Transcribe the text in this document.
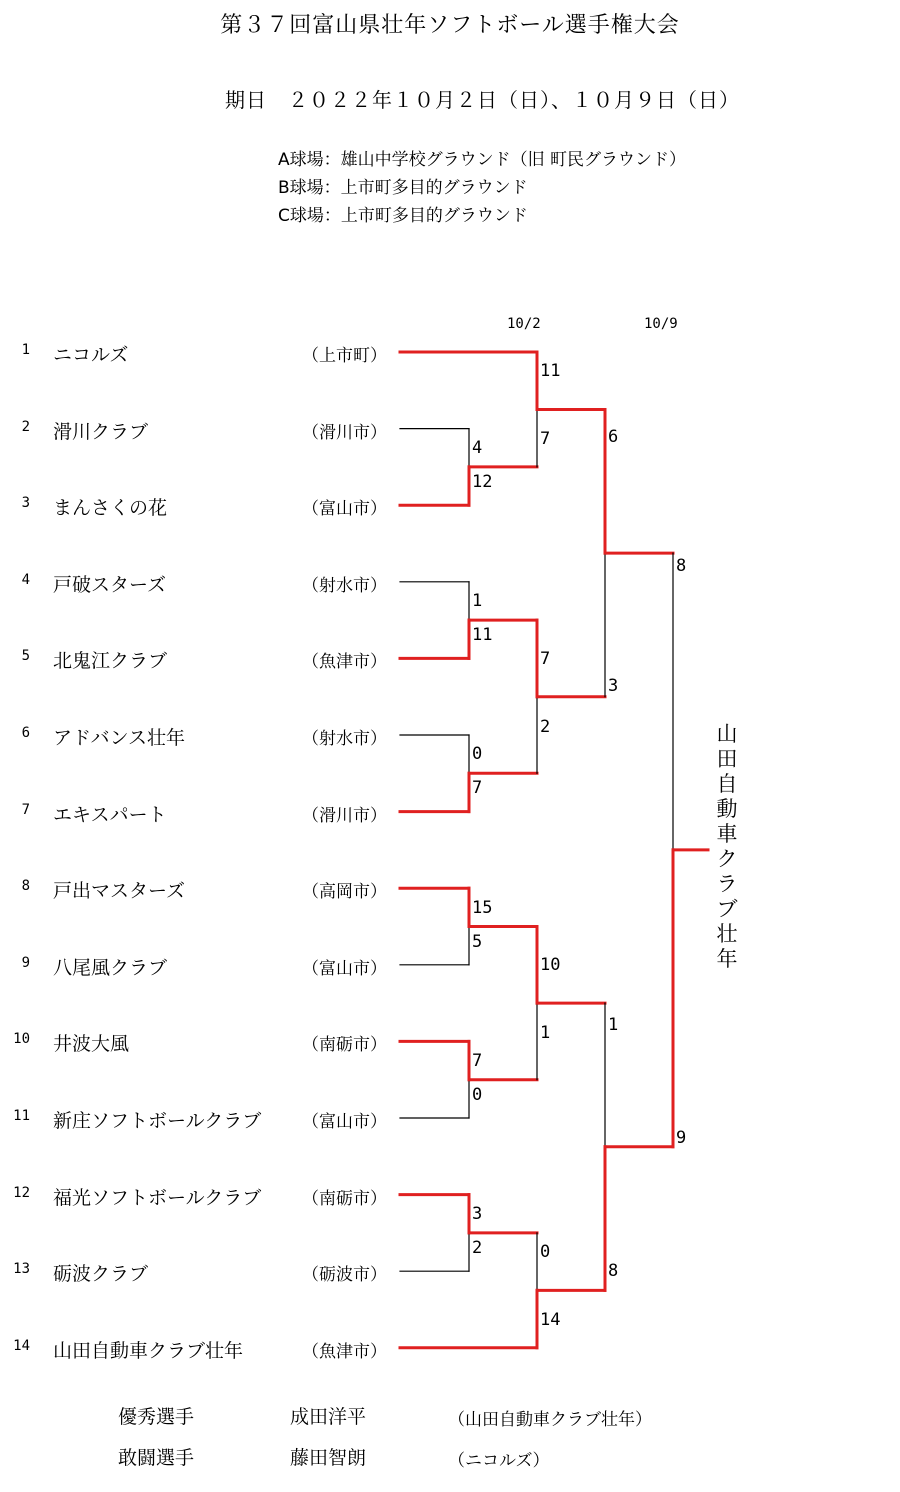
第３７回富山県壮年ソフトボール選手権大会
期日　２０２２年１０月２日（日）、１０月９日（日）
A球場：雄山中学校グラウンド（旧 町民グラウンド）
B球場：上市町多目的グラウンド
C球場：上市町多目的グラウンド
10/2	10/9
1 ニコルズ	（上市町）
2 滑川クラブ	（滑川市）
3 まんさくの花	（富山市）
4 戸破スターズ	（射水市）
5 北鬼江クラブ	（魚津市）
6 アドバンス壮年	（射水市）
7 エキスパート	（滑川市）
8 戸出マスターズ	（高岡市）
9 八尾風クラブ	（富山市）
10 井波大風	（南砺市）
11 新庄ソフトボールクラブ （富山市）
12 福光ソフトボールクラブ （南砺市）
13 砺波クラブ	（砺波市）
14 山田自動車クラブ壮年	（魚津市）
4
12
1
11
0
7
15
5
7
0
3
2
11
7
7
2
10
1
0
14
6
3
1
8
8
9
山田自動車クラブ壮年
優秀選手	成田洋平	（山田自動車クラブ壮年）
敢闘選手	藤田智朗	（ニコルズ）
